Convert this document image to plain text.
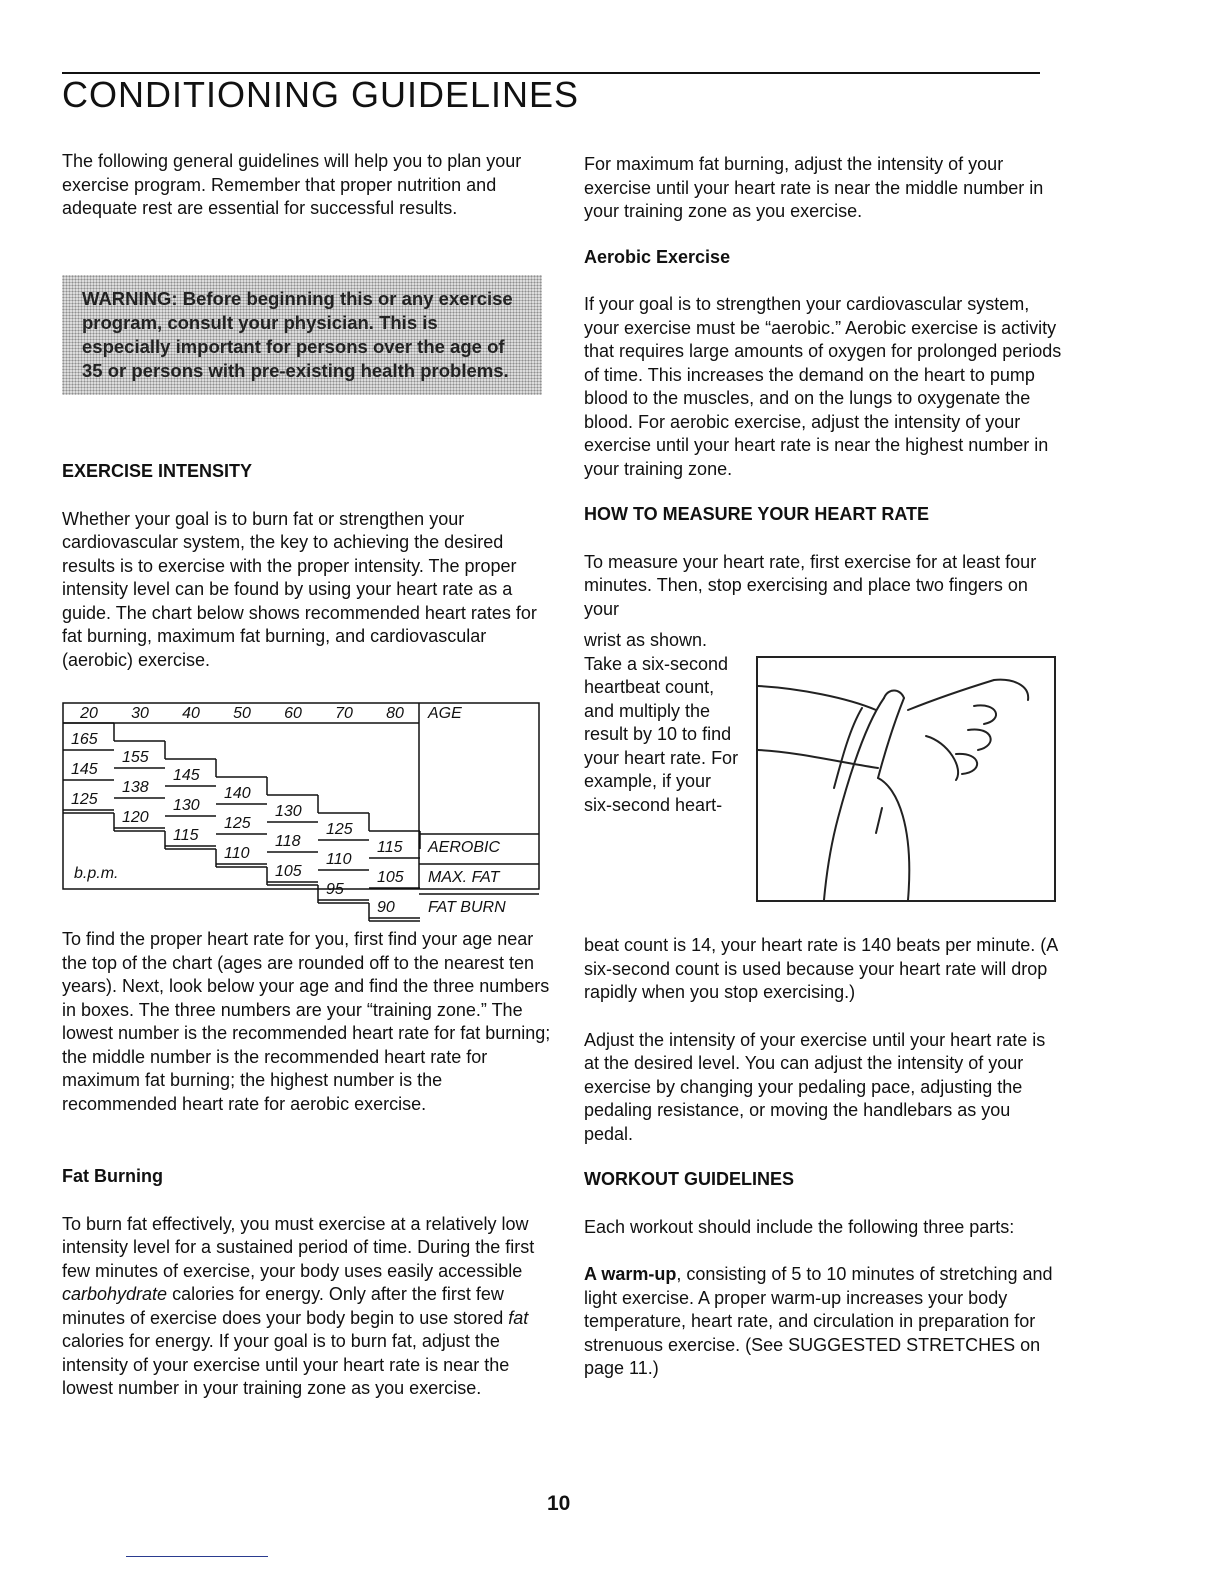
CONDITIONING GUIDELINES

The following general guidelines will help you to plan your exercise program. Remember that proper nutrition and adequate rest are essential for successful results.

WARNING: Before beginning this or any exercise program, consult your physician. This is especially important for persons over the age of 35 or persons with pre-existing health problems.
EXERCISE INTENSITY

Whether your goal is to burn fat or strengthen your cardiovascular system, the key to achieving the desired results is to exercise with the proper intensity. The proper intensity level can be found by using your heart rate as a guide. The chart below shows recommended heart rates for fat burning, maximum fat burning, and cardiovascular (aerobic) exercise.

165
145
125
155
138
120
145
130
115
140
125
110
130
118
105
125
110
95
115
105
90
20 30 40 50 60 70 80 AGE
AEROBIC
MAX. FAT
FAT BURN
b.p.m.

To find the proper heart rate for you, first find your age near the top of the chart (ages are rounded off to the nearest ten years). Next, look below your age and find the three numbers in boxes. The three numbers are your “training zone.” The lowest number is the recommended heart rate for fat burning; the middle number is the recommended heart rate for maximum fat burning; the highest number is the recommended heart rate for aerobic exercise.

Fat Burning

To burn fat effectively, you must exercise at a relatively low intensity level for a sustained period of time. During the first few minutes of exercise, your body uses easily accessible carbohydrate calories for energy. Only after the first few minutes of exercise does your body begin to use stored fat calories for energy. If your goal is to burn fat, adjust the intensity of your exercise until your heart rate is near the lowest number in your training zone as you exercise.

For maximum fat burning, adjust the intensity of your exercise until your heart rate is near the middle number in your training zone as you exercise.

Aerobic Exercise

If your goal is to strengthen your cardiovascular system, your exercise must be “aerobic.” Aerobic exercise is activity that requires large amounts of oxygen for prolonged periods of time. This increases the demand on the heart to pump blood to the muscles, and on the lungs to oxygenate the blood. For aerobic exercise, adjust the intensity of your exercise until your heart rate is near the highest number in your training zone.

HOW TO MEASURE YOUR HEART RATE

To measure your heart rate, first exercise for at least four minutes. Then, stop exercising and place two fingers on your

wrist as shown. Take a six-second heartbeat count, and multiply the result by 10 to find your heart rate. For example, if your six-second heart-

beat count is 14, your heart rate is 140 beats per minute. (A six-second count is used because your heart rate will drop rapidly when you stop exercising.)

Adjust the intensity of your exercise until your heart rate is at the desired level. You can adjust the intensity of your exercise by changing your pedaling pace, adjusting the pedaling resistance, or moving the handlebars as you pedal.

WORKOUT GUIDELINES

Each workout should include the following three parts:

A warm-up, consisting of 5 to 10 minutes of stretching and light exercise. A proper warm-up increases your body temperature, heart rate, and circulation in preparation for strenuous exercise. (See SUGGESTED STRETCHES on page 11.)

10
